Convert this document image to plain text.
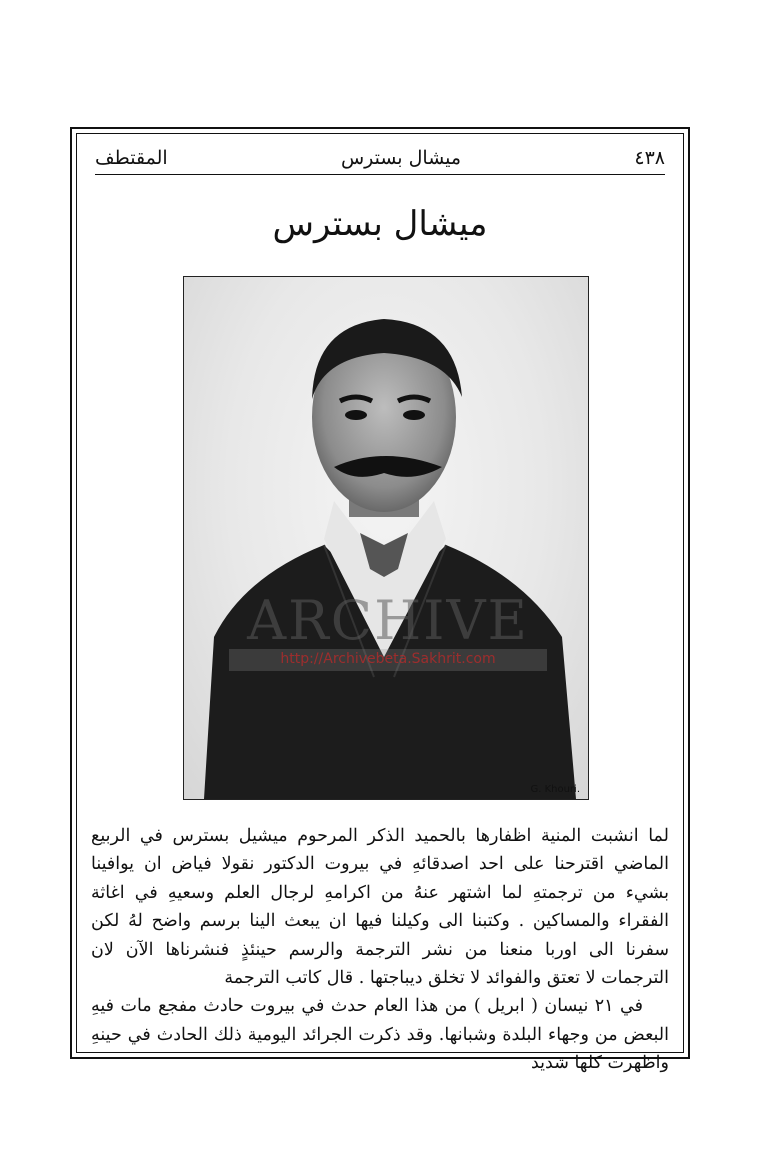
٤٣٨
ميشال بسترس
المقتطف
ميشال بسترس
G. Khouri.
ARCHIVE
http://Archivebeta.Sakhrit.com

لما انشبت المنية اظفارها بالحميد الذكر المرحوم ميشيل بسترس في الربيع الماضي اقترحنا على احد اصدقائهِ في بيروت الدكتور نقولا فياض ان يوافينا بشيء من ترجمتهِ لما اشتهر عنهُ من اكرامهِ لرجال العلم وسعيهِ في اغاثة الفقراء والمساكين . وكتبنا الى وكيلنا فيها ان يبعث الينا برسم واضح لهُ لكن سفرنا الى اوربا منعنا من نشر الترجمة والرسم حينئذٍ فنشرناها الآن لان الترجمات لا تعتق والفوائد لا تخلق ديباجتها . قال كاتب الترجمة

في ٢١ نيسان ( ابريل ) من هذا العام حدث في بيروت حادث مفجع مات فيهِ البعض من وجهاء البلدة وشبانها. وقد ذكرت الجرائد اليومية ذلك الحادث في حينهِ واظهرت كلها شديد
